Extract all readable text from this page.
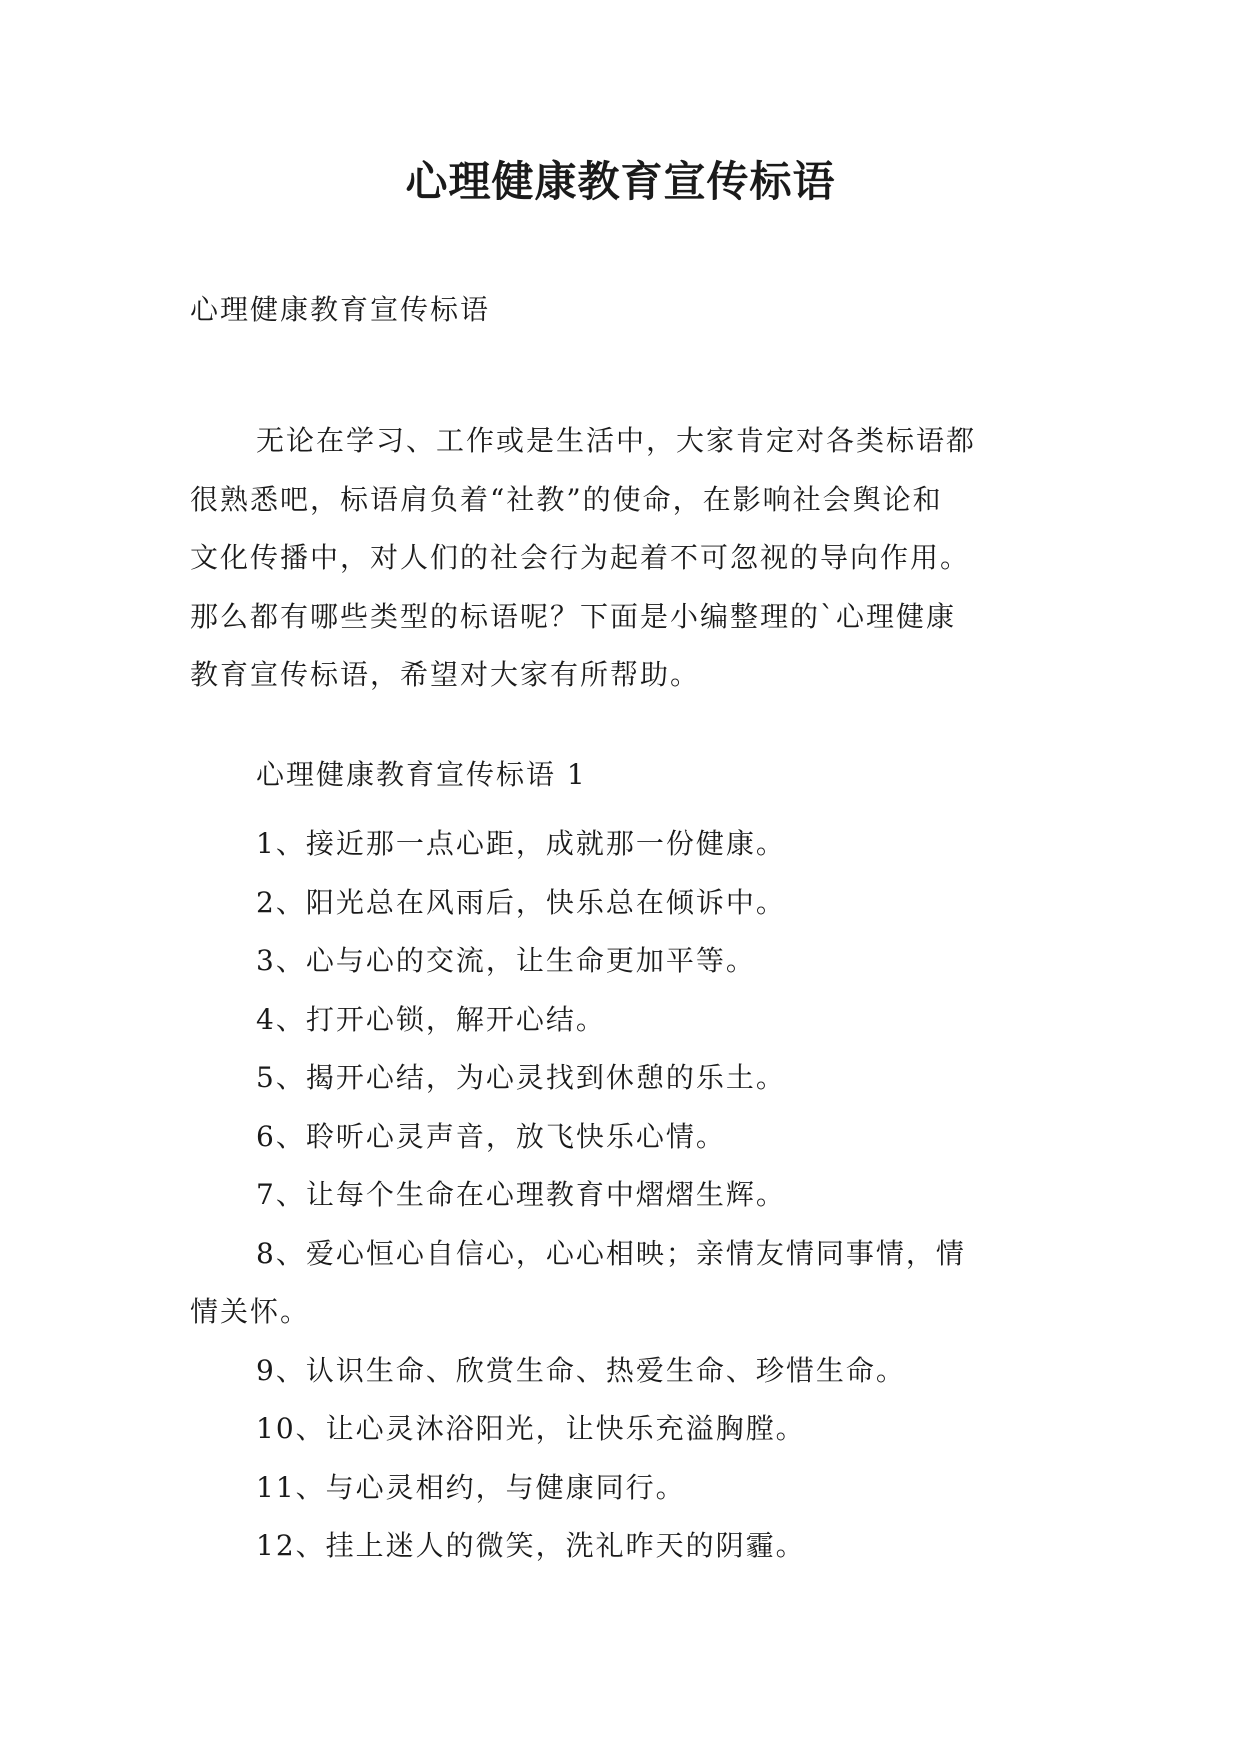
心理健康教育宣传标语
心理健康教育宣传标语
无论在学习、工作或是生活中，大家肯定对各类标语都
很熟悉吧，标语肩负着“社教”的使命，在影响社会舆论和
文化传播中，对人们的社会行为起着不可忽视的导向作用。
那么都有哪些类型的标语呢？下面是小编整理的`心理健康
教育宣传标语，希望对大家有所帮助。
心理健康教育宣传标语 1
1、接近那一点心距，成就那一份健康。
2、阳光总在风雨后，快乐总在倾诉中。
3、心与心的交流，让生命更加平等。
4、打开心锁，解开心结。
5、揭开心结，为心灵找到休憩的乐土。
6、聆听心灵声音，放飞快乐心情。
7、让每个生命在心理教育中熠熠生辉。
8、爱心恒心自信心，心心相映；亲情友情同事情，情
情关怀。
9、认识生命、欣赏生命、热爱生命、珍惜生命。
10、让心灵沐浴阳光，让快乐充溢胸膛。
11、与心灵相约，与健康同行。
12、挂上迷人的微笑，洗礼昨天的阴霾。
